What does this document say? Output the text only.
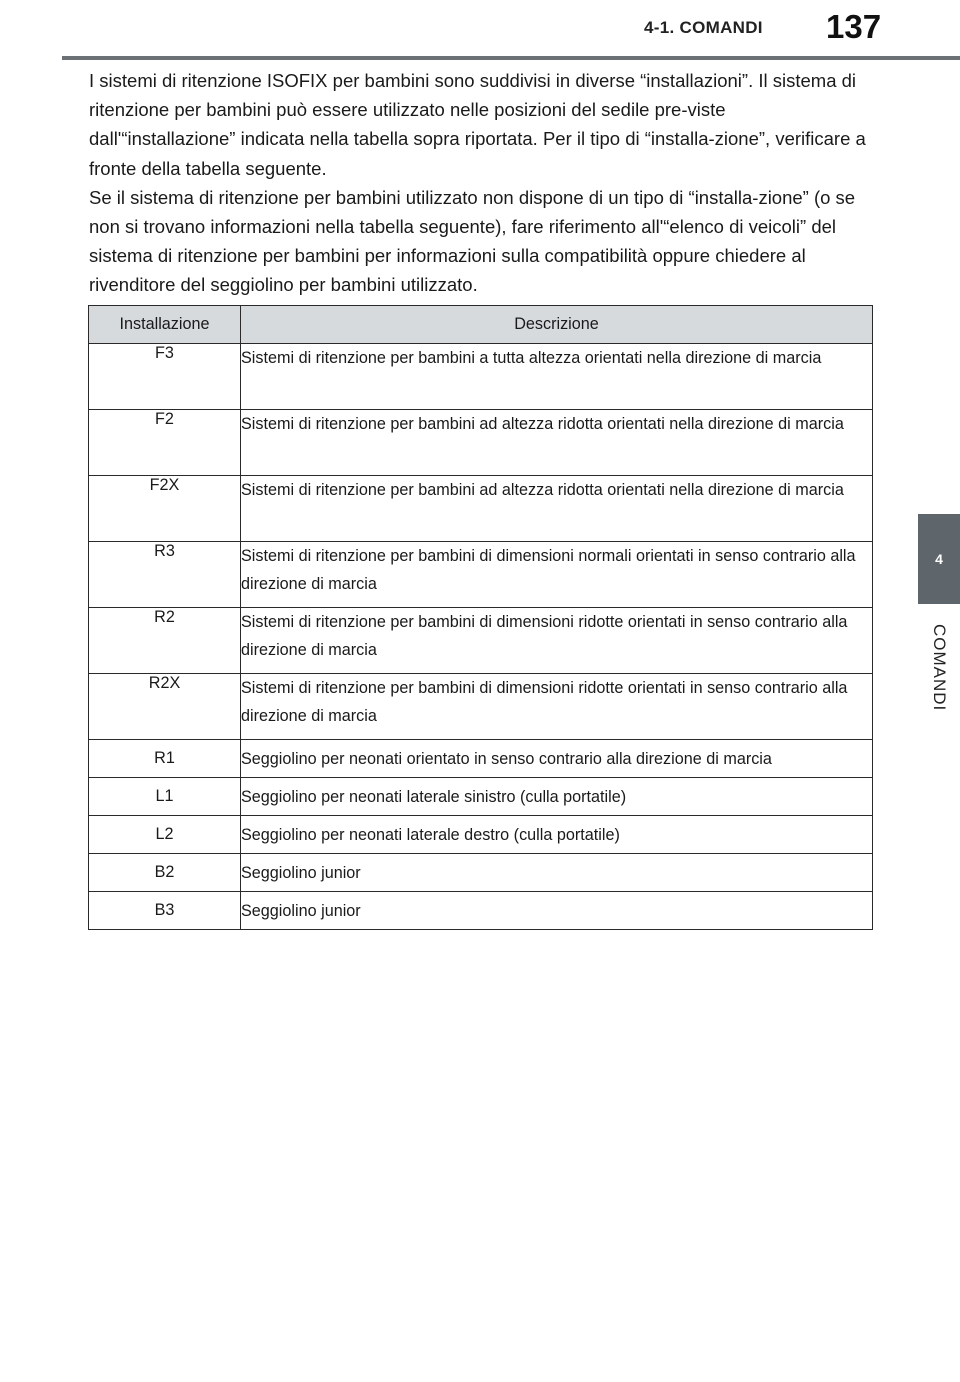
4-1. COMANDI 137
4
COMANDI

I sistemi di ritenzione ISOFIX per bambini sono suddivisi in diverse “installazioni”. Il sistema di ritenzione per bambini può essere utilizzato nelle posizioni del sedile pre-viste dall'“installazione” indicata nella tabella sopra riportata. Per il tipo di “installa-zione”, verificare a fronte della tabella seguente.

Se il sistema di ritenzione per bambini utilizzato non dispone di un tipo di “installa-zione” (o se non si trovano informazioni nella tabella seguente), fare riferimento all'“elenco di veicoli” del sistema di ritenzione per bambini per informazioni sulla compatibilità oppure chiedere al rivenditore del seggiolino per bambini utilizzato.

Installazione	Descrizione
F3	Sistemi di ritenzione per bambini a tutta altezza orientati nella direzione di marcia
F2	Sistemi di ritenzione per bambini ad altezza ridotta orientati nella direzione di marcia
F2X	Sistemi di ritenzione per bambini ad altezza ridotta orientati nella direzione di marcia
R3	Sistemi di ritenzione per bambini di dimensioni normali orientati in senso contrario alla direzione di marcia
R2	Sistemi di ritenzione per bambini di dimensioni ridotte orientati in senso contrario alla direzione di marcia
R2X	Sistemi di ritenzione per bambini di dimensioni ridotte orientati in senso contrario alla direzione di marcia
R1	Seggiolino per neonati orientato in senso contrario alla direzione di marcia
L1	Seggiolino per neonati laterale sinistro (culla portatile)
L2	Seggiolino per neonati laterale destro (culla portatile)
B2	Seggiolino junior
B3	Seggiolino junior
